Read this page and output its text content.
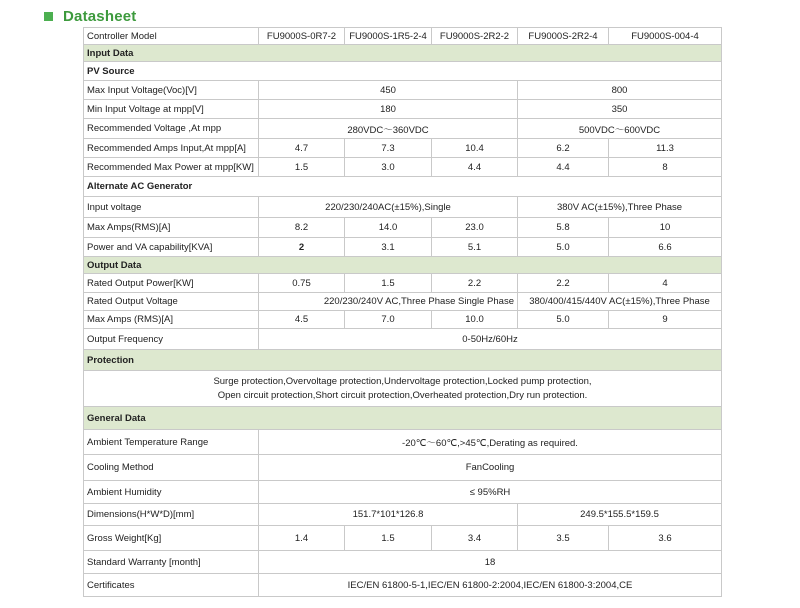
Datasheet
Controller Model	FU9000S-0R7-2	FU9000S-1R5-2-4	FU9000S-2R2-2	FU9000S-2R2-4	FU9000S-004-4
Input Data					
PV Source					
Max Input Voltage(Voc)[V]	450			800	
Min Input Voltage at mpp[V]	180			350	
Recommended Voltage ,At mpp	280VDC～360VDC			500VDC～600VDC	
Recommended Amps Input,At mpp[A]	4.7	7.3	10.4	6.2	11.3
Recommended Max Power at mpp[KW]	1.5	3.0	4.4	4.4	8
Alternate AC Generator					
Input voltage	220/230/240AC(±15%),Single			380V AC(±15%),Three Phase	
Max Amps(RMS)[A]	8.2	14.0	23.0	5.8	10
Power and VA capability[KVA]	2	3.1	5.1	5.0	6.6
Output Data					
Rated Output Power[KW]	0.75	1.5	2.2	2.2	4
Rated Output Voltage	220/230/240V AC,Three Phase Single Phase			380/400/415/440V AC(±15%),Three Phase	
Max Amps (RMS)[A]	4.5	7.0	10.0	5.0	9
Output Frequency	0-50Hz/60Hz				
Protection					

Surge protection,Overvoltage protection,Undervoltage protection,Locked pump protection,
Open circuit protection,Short circuit protection,Overheated protection,Dry run protection.					

General Data					
Ambient Temperature Range	-20℃～60℃,>45℃,Derating as required.				
Cooling Method	FanCooling				
Ambient Humidity	≤ 95%RH				
Dimensions(H*W*D)[mm]	151.7*101*126.8			249.5*155.5*159.5	
Gross Weight[Kg]	1.4	1.5	3.4	3.5	3.6
Standard Warranty [month]	18				
Certificates	IEC/EN 61800-5-1,IEC/EN 61800-2:2004,IEC/EN 61800-3:2004,CE				
